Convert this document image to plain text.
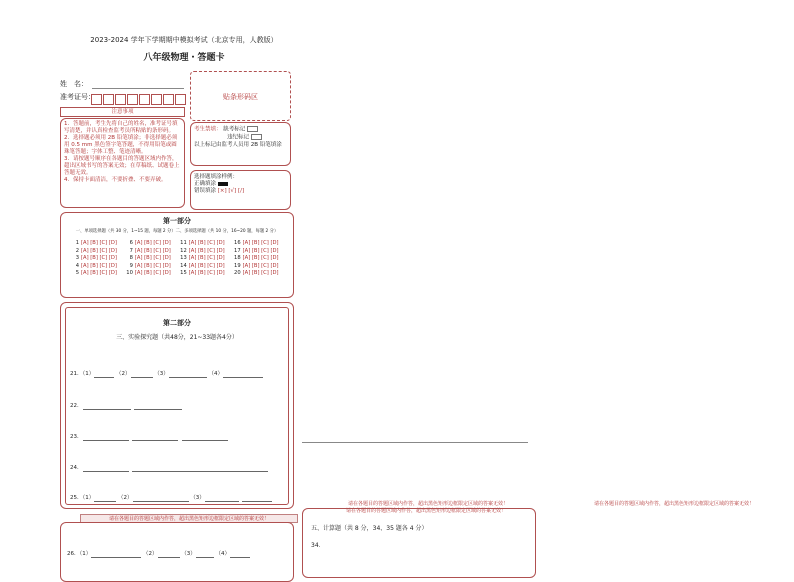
2023-2024 学年下学期期中模拟考试（北京专用，人教版）
八年级物理・答题卡
姓　名：
准考证号：	贴条形码区
注意事项
1．答题前，考生先将自己的姓名，准考证号填写清楚，并认真检查监考员所粘贴的条形码。
2．选择题必须用 2B 铅笔填涂；非选择题必须用 0.5 mm 黑色签字笔答题，不得用铅笔或圆珠笔答题；字体工整、笔迹清晰。
3．请按题号顺序在各题目的答题区域内作答，超出区域书写的答案无效；在草稿纸、试题卷上答题无效。
4．保持卡面清洁，不要折叠、不要弄破。
考生禁填： 缺考标记
违纪标记
以上标记由监考人员用 2B 铅笔填涂
选择题填涂样例：
正确填涂
错误填涂 [×] [√] [/]
第一部分
一、单项选择题（共 30 分，1~15 题，每题 2 分）二、多项选择题（共 10 分，16~20 题，每题 2 分）
1 [A] [B] [C] [D]
2 [A] [B] [C] [D]
3 [A] [B] [C] [D]
4 [A] [B] [C] [D]
5 [A] [B] [C] [D]
6 [A] [B] [C] [D]
7 [A] [B] [C] [D]
8 [A] [B] [C] [D]
9 [A] [B] [C] [D]
10 [A] [B] [C] [D]
11 [A] [B] [C] [D]
12 [A] [B] [C] [D]
13 [A] [B] [C] [D]
14 [A] [B] [C] [D]
15 [A] [B] [C] [D]
16 [A] [B] [C] [D]
17 [A] [B] [C] [D]
18 [A] [B] [C] [D]
19 [A] [B] [C] [D]
20 [A] [B] [C] [D]
第二部分
三、实验探究题（共48分，21~33题各4分）
21．（1）	（2）	（3）	（4）
22．
23．
24．
25．（1）	（2）	（3）
请在各题目的答题区域内作答，超出黑色矩形边框限定区域的答案无效！
请在各题目的答题区域内作答，超出黑色矩形边框限定区域的答案无效！
请在各题目的答题区域内作答，超出黑色矩形边框限定区域的答案无效！
请在各题目的答题区域内作答，超出黑色矩形边框限定区域的答案无效！
26．（1）	（2）	（3）	（4）
五、计算题（共 8 分，34、35 题各 4 分）
34．
